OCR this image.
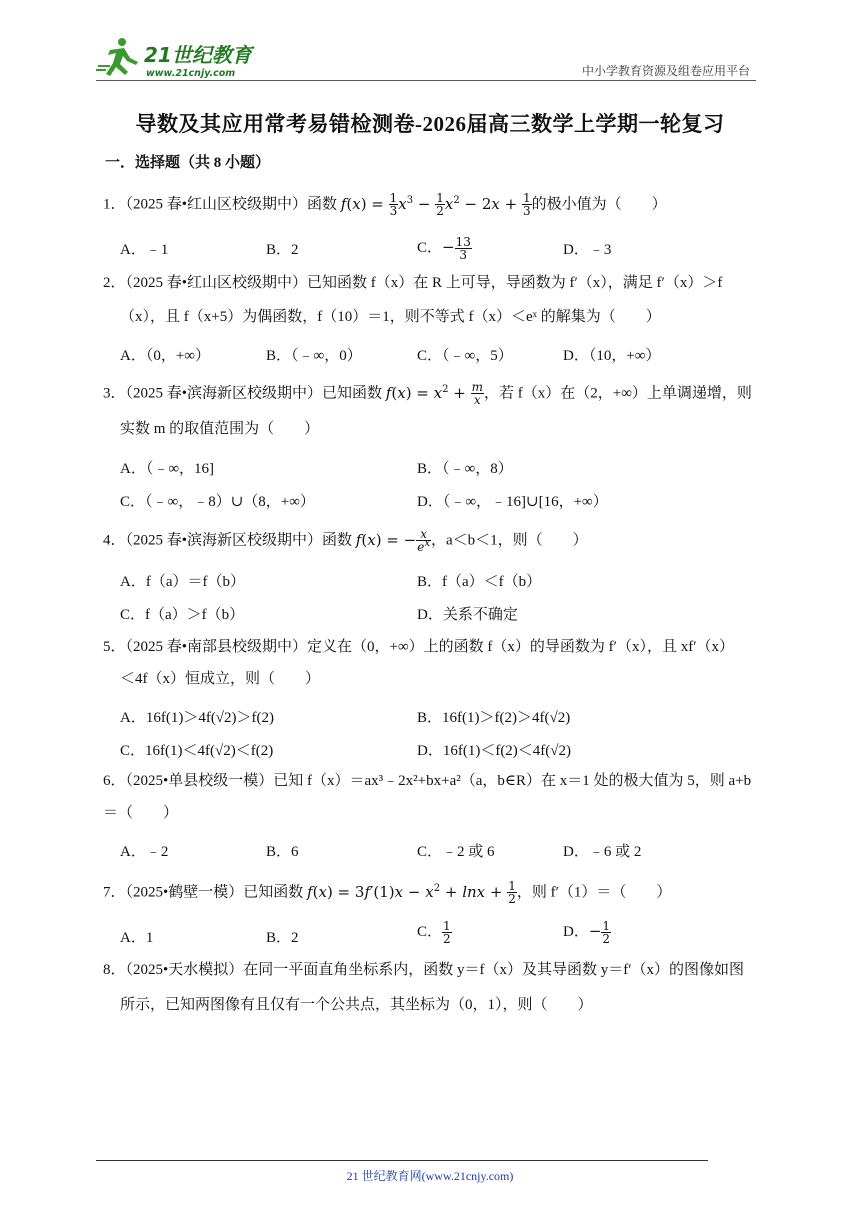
21世纪教育
www.21cnjy.com	中小学教育资源及组卷应用平台
导数及其应用常考易错检测卷-2026届高三数学上学期一轮复习
一．选择题（共 8 小题）
1．（2025 春•红山区校级期中）函数 $f(x) = \frac{1}{3} x^3 - \frac{1}{2} x^2 - 2x + \frac{1}{3}$ 的极小值为（　　）
A．﹣1	B．2	C．− $\frac{13}{3}$	D．﹣3
2．（2025 春•红山区校级期中）已知函数 f（x）在 R 上可导，导函数为 f′（x），满足 f′（x）＞f
（x），且 f（x+5）为偶函数，f（10）＝1，则不等式 f（x）＜eˣ 的解集为（　　）
A．（0，+∞）	B．（﹣∞，0）	C．（﹣∞，5）	D．（10，+∞）
3．（2025 春•滨海新区校级期中）已知函数 $f(x) = x^2 + \frac{m}{x}$ ，若 f（x）在（2，+∞）上单调递增，则
实数 m 的取值范围为（　　）
A．（﹣∞，16]	B．（﹣∞，8）
C．（﹣∞，﹣8）∪（8，+∞）	D．（﹣∞，﹣16]∪[16，+∞）
4．（2025 春•滨海新区校级期中）函数 f(x) = − $\frac{x}{e^x}$ ，a＜b＜1，则（　　）
A．f（a）＝f（b）	B．f（a）＜f（b）
C．f（a）＞f（b）	D．关系不确定
5．（2025 春•南部县校级期中）定义在（0，+∞）上的函数 f（x）的导函数为 f′（x），且 xf′（x）
＜4f（x）恒成立，则（　　）
A．16f(1)＞4f(√2)＞f(2)	B．16f(1)＞f(2)＞4f(√2)
C．16f(1)＜4f(√2)＜f(2)	D．16f(1)＜f(2)＜4f(√2)
6．（2025•单县校级一模）已知 f（x）＝ax³﹣2x²+bx+a²（a，b∈R）在 x＝1 处的极大值为 5，则 a+b
＝（　　）
A．﹣2	B．6	C．﹣2 或 6	D．﹣6 或 2
7．（2025•鹤壁一模）已知函数 $f(x) = 3f'(1)x - x^2 + \ln x + \frac{1}{2}$ ，则 f′（1）＝（　　）
A．1	B．2	C． $\frac{1}{2}$	D．− $\frac{1}{2}$
8．（2025•天水模拟）在同一平面直角坐标系内，函数 y＝f（x）及其导函数 y＝f′（x）的图像如图
所示，已知两图像有且仅有一个公共点，其坐标为（0，1），则（　　）
21 世纪教育网(www.21cnjy.com)
